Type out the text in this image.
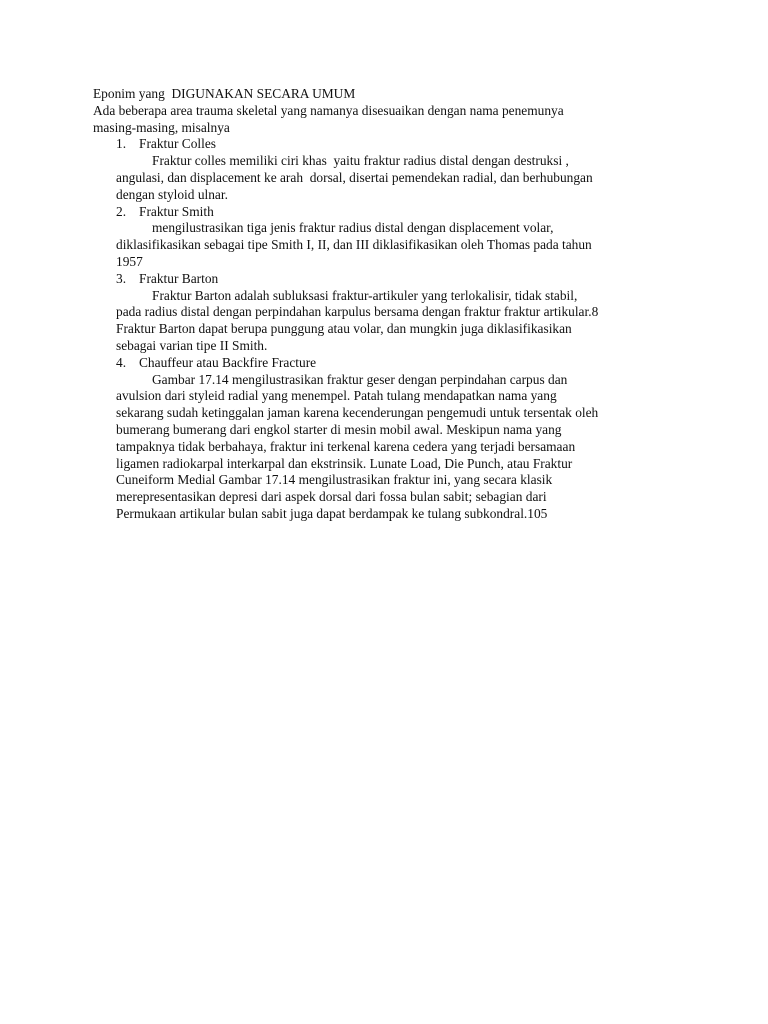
Eponim yang  DIGUNAKAN SECARA UMUM
Ada beberapa area trauma skeletal yang namanya disesuaikan dengan nama penemunya
masing-masing, misalnya
1. Fraktur Colles
Fraktur colles memiliki ciri khas  yaitu fraktur radius distal dengan destruksi ,
angulasi, dan displacement ke arah  dorsal, disertai pemendekan radial, dan berhubungan
dengan styloid ulnar.
2. Fraktur Smith
mengilustrasikan tiga jenis fraktur radius distal dengan displacement volar,
diklasifikasikan sebagai tipe Smith I, II, dan III diklasifikasikan oleh Thomas pada tahun
1957
3. Fraktur Barton
Fraktur Barton adalah subluksasi fraktur-artikuler yang terlokalisir, tidak stabil,
pada radius distal dengan perpindahan karpulus bersama dengan fraktur fraktur artikular.8
Fraktur Barton dapat berupa punggung atau volar, dan mungkin juga diklasifikasikan
sebagai varian tipe II Smith.
4. Chauffeur atau Backfire Fracture
Gambar 17.14 mengilustrasikan fraktur geser dengan perpindahan carpus dan
avulsion dari styleid radial yang menempel. Patah tulang mendapatkan nama yang
sekarang sudah ketinggalan jaman karena kecenderungan pengemudi untuk tersentak oleh
bumerang bumerang dari engkol starter di mesin mobil awal. Meskipun nama yang
tampaknya tidak berbahaya, fraktur ini terkenal karena cedera yang terjadi bersamaan
ligamen radiokarpal interkarpal dan ekstrinsik. Lunate Load, Die Punch, atau Fraktur
Cuneiform Medial Gambar 17.14 mengilustrasikan fraktur ini, yang secara klasik
merepresentasikan depresi dari aspek dorsal dari fossa bulan sabit; sebagian dari
Permukaan artikular bulan sabit juga dapat berdampak ke tulang subkondral.105
